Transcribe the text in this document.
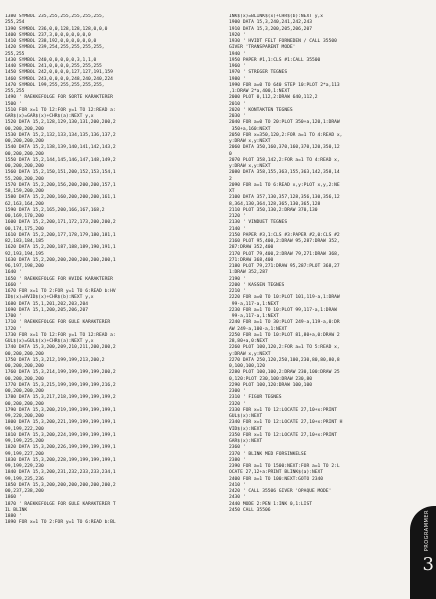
1380 SYMBOL 235,255,255,255,255,255,
255,254
1390 SYMBOL 236,0,0,128,128,128,0,0,0
1400 SYMBOL 237,3,0,0,0,0,0,0,0
1410 SYMBOL 238,192,0,0,0,0,0,0,0
1420 SYMBOL 239,254,255,255,255,255,
255,255
1430 SYMBOL 240,0,0,0,0,0,3,1,1,0
1440 SYMBOL 241,0,0,0,0,255,255,255
1450 SYMBOL 242,0,0,0,0,127,127,191,159
1460 SYMBOL 243,0,0,0,0,248,240,240,224
1470 SYMBOL 199,255,255,255,255,255,
255,255
1490 ' RAEKKEFOLGE FOR SORTE KARAKTERER
1500 '
1510 FOR x=1 TO 12:FOR y=1 TO 12:READ a:
GAR$(x)=GAR$(x)+CHR$(a):NEXT y,x
1520 DATA 15,2,128,129,130,131,200,200,2
00,200,200,200
1530 DATA 15,2,132,133,134,135,136,137,2
00,200,200,200
1540 DATA 15,2,138,139,140,141,142,143,2
00,200,200,200
1550 DATA 15,2,144,145,146,147,148,149,2
00,200,200,200
1560 DATA 15,2,150,151,200,152,153,154,1
55,200,200,200
1570 DATA 15,2,200,156,200,200,200,157,1
58,159,200,200
1580 DATA 15,2,200,160,200,200,200,161,1
62,163,164,200
1590 DATA 15,2,165,200,166,167,168,2
00,169,170,200
1600 DATA 15,2,200,171,172,173,200,200,2
00,174,175,200
1610 DATA 15,2,200,177,178,179,180,181,1
82,183,184,185
1620 DATA 15,2,200,187,188,189,190,191,1
92,193,194,195
1630 DATA 15,2,200,200,200,200,200,200,1
96,197,198,200
1640 '
1650 ' RAEKKEFOLGE FOR HVIDE KARAKTERER
1660 '
1670 FOR x=1 TO 2:FOR y=1 TO 6:READ b:HV
ID$(x)=HVID$(x)+CHR$(b):NEXT y,x
1680 DATA 15,1,201,202,203,204
1690 DATA 15,1,200,205,206,207
1700 '
1710 ' RAEKKEFOLGE FOR GULE KARAKTERER
1720 '
1730 FOR x=1 TO 12:FOR y=1 TO 12:READ a:
GUL$(x)=GUL$(x)+CHR$(a):NEXT y,x
1740 DATA 15,3,200,209,210,211,200,200,2
00,200,200,200
1750 DATA 15,3,212,199,199,213,200,2
00,200,200,200
1760 DATA 15,3,214,199,199,199,199,200,2
00,200,200,200
1770 DATA 15,3,215,199,199,199,199,216,2
00,200,200,200
1780 DATA 15,3,217,218,199,199,199,199,2
00,200,200,200
1790 DATA 15,3,200,219,199,199,199,199,1
99,220,200,200
1800 DATA 15,3,200,221,199,199,199,199,1
99,199,222,200
1810 DATA 15,3,200,224,199,199,199,199,1
99,199,225,200
1820 DATA 15,3,200,226,199,199,199,199,1
99,199,227,200
1830 DATA 15,3,200,228,199,199,199,199,1
99,199,229,230
1840 DATA 15,3,200,231,232,233,233,234,1
99,199,235,236
1850 DATA 15,3,200,200,200,200,200,200,2
00,237,238,200
1860 '
1870 ' RAEKKEFOLGE FOR GULE KARAKTERER T
IL BLINK
1880 '
1890 FOR x=1 TO 2:FOR y=1 TO 6:READ b:BL
INK$(x)=BLINK$(x)+CHR$(b):NEXT y,x
1900 DATA 15,3,240,241,242,243
1910 DATA 15,3,200,205,206,207
1920 '
1930 ' HVIDT FELT FORNEDEN / CALL 35500
GIVER 'TRANSPARENT MODE'
1940 '
1950 PAPER #1,1:CLS #1:CALL 35500
1960 '
1970 ' STREGER TEGNES
1980 '
1990 FOR a=0 TO 640 STEP 10:PLOT 2*a,113
,1:DRAW 2*a,400,1:NEXT
2000 PLOT 0,112,2:DRAW 640,112,2
2010 '
2020 ' KONTAKTEN TEGNES
2030 '
2040 FOR a=0 TO 20:PLOT 350+a,120,1:DRAW
350+a,160:NEXT
2050 FOR x=350,120,2:FOR a=1 TO 4:READ x,
y:DRAW x,y:NEXT
2060 DATA 350,160,370,160,370,120,350,12
0
2070 PLOT 358,142,2:FOR a=1 TO 4:READ x,
y:DRAW x,y:NEXT
2080 DATA 358,155,363,155,363,142,358,14
2
2090 FOR a=1 TO 6:READ x,y:PLOT x,y,2:NE
XT
2100 DATA 357,130,357,128,356,130,356,12
8,364,130,364,128,365,130,365,128
2110 PLOT 350,130,2:DRAW 370,130
2120 '
2130 ' VINDUET TEGNES
2140 '
2150 PAPER #3,1:CLS #3:PAPER #2,0:CLS #2
2160 PLOT 95,400,2:DRAW 95,287:DRAW 352,
287:DRAW 352,400
2170 PLOT 79,400,2:DRAW 79,271:DRAW 368,
271:DRAW 368,400
2180 PLOT 79,271:DRAW 95,287:PLOT 368,27
1:DRAW 352,287
2190 '
2200 ' KASSEN TEGNES
2210 '
2220 FOR a=0 TO 10:PLOT 101,119-a,1:DRAW
99-a,117-a,1:NEXT
2230 FOR a=1 TO 10:PLOT 99,117-a,1:DRAW
99-a,117-a,1:NEXT
2240 FOR a=1 TO 30:PLOT 249-a,119-a,0:DR
AW 249-a,100-a,1:NEXT
2250 FOR a=1 TO 10:PLOT 81,80+a,0:DRAW 2
28,80+a,0:NEXT
2260 PLOT 100,120,2:FOR a=1 TO 5:READ x,
y:DRAW x,y:NEXT
2270 DATA 250,120,250,100,230,80,80,80,8
0,100,100,120
2280 PLOT 100,100,2:DRAW 230,100:DRAW 25
0,120:PLOT 230,100:DRAW 230,80
2290 PLOT 100,120:DRAW 100,100
2300 '
2310 ' FIGUR TEGNES
2320 '
2330 FOR x=1 TO 12:LOCATE 27,10+x:PRINT
GUL$(x):NEXT
2340 FOR x=1 TO 12:LOCATE 27,10+x:PRINT H
VID$(x):NEXT
2350 FOR x=1 TO 12:LOCATE 27,10+x:PRINT
GAR$(x):NEXT
2360 '
2370 ' BLINK MED FORSINKELSE
2380 '
2390 FOR a=1 TO 1500:NEXT:FOR a=1 TO 2:L
OCATE 27,12+a:PRINT BLINK$(a):NEXT
2400 FOR a=1 TO 100:NEXT:GOTO 2340
2410 '
2420 ' CALL 35506 GIVER 'OPAQUE MODE'
2430 '
2440 MODE 2:PEN 1:INK 0,1:LIST
2450 CALL 35506	PROGRAMMER
3
